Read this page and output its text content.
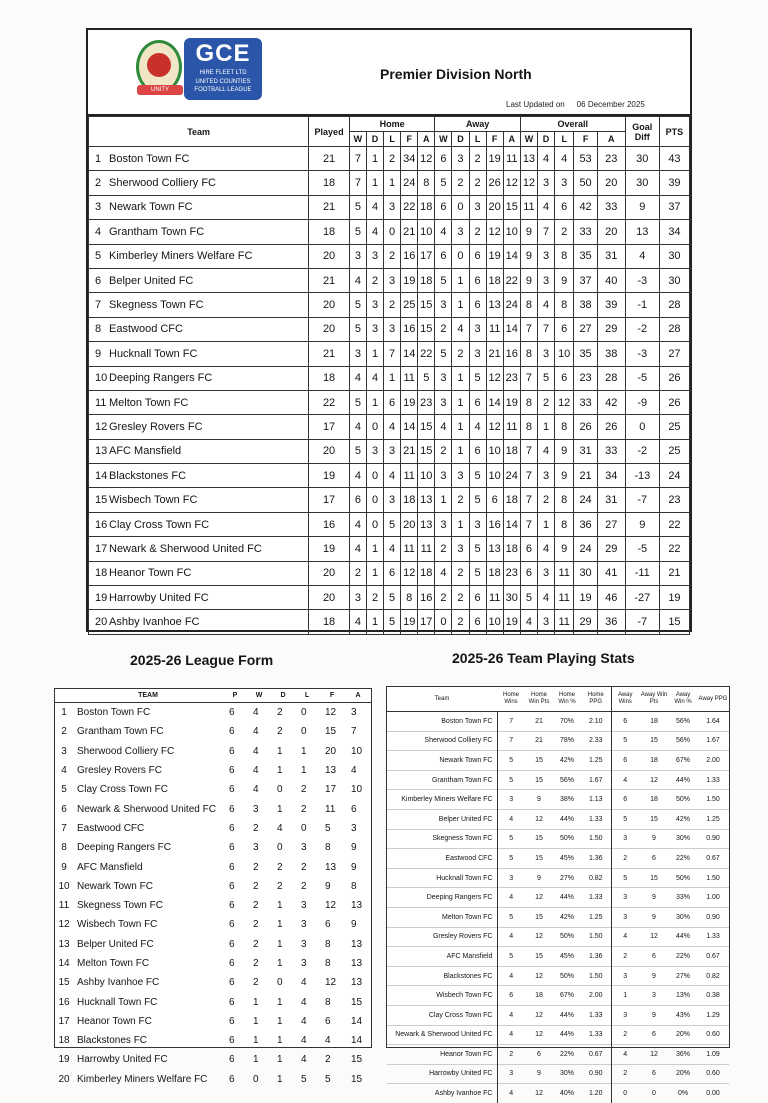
UNITY
GCE
HIRE FLEET LTD
UNITED COUNTIES
FOOTBALL LEAGUE
Premier Division North
Last Updated on 06 December 2025
Team	Played	Home					Away					Overall					Goal Diff	PTS
		W	D	L	F	A	W	D	L	F	A	W	D	L	F	A		
1 Boston Town FC	21	7	1	2	34	12	6	3	2	19	11	13	4	4	53	23	30	43
2 Sherwood Colliery FC	18	7	1	1	24	8	5	2	2	26	12	12	3	3	50	20	30	39
3 Newark Town FC	21	5	4	3	22	18	6	0	3	20	15	11	4	6	42	33	9	37
4 Grantham Town FC	18	5	4	0	21	10	4	3	2	12	10	9	7	2	33	20	13	34
5 Kimberley Miners Welfare FC	20	3	3	2	16	17	6	0	6	19	14	9	3	8	35	31	4	30
6 Belper United FC	21	4	2	3	19	18	5	1	6	18	22	9	3	9	37	40	-3	30
7 Skegness Town FC	20	5	3	2	25	15	3	1	6	13	24	8	4	8	38	39	-1	28
8 Eastwood CFC	20	5	3	3	16	15	2	4	3	11	14	7	7	6	27	29	-2	28
9 Hucknall Town FC	21	3	1	7	14	22	5	2	3	21	16	8	3	10	35	38	-3	27
10 Deeping Rangers FC	18	4	4	1	11	5	3	1	5	12	23	7	5	6	23	28	-5	26
11 Melton Town FC	22	5	1	6	19	23	3	1	6	14	19	8	2	12	33	42	-9	26
12 Gresley Rovers FC	17	4	0	4	14	15	4	1	4	12	11	8	1	8	26	26	0	25
13 AFC Mansfield	20	5	3	3	21	15	2	1	6	10	18	7	4	9	31	33	-2	25
14 Blackstones FC	19	4	0	4	11	10	3	3	5	10	24	7	3	9	21	34	-13	24
15 Wisbech Town FC	17	6	0	3	18	13	1	2	5	6	18	7	2	8	24	31	-7	23
16 Clay Cross Town FC	16	4	0	5	20	13	3	1	3	16	14	7	1	8	36	27	9	22
17 Newark & Sherwood United FC	19	4	1	4	11	11	2	3	5	13	18	6	4	9	24	29	-5	22
18 Heanor Town FC	20	2	1	6	12	18	4	2	5	18	23	6	3	11	30	41	-11	21
19 Harrowby United FC	20	3	2	5	8	16	2	2	6	11	30	5	4	11	19	46	-27	19
20 Ashby Ivanhoe FC	18	4	1	5	19	17	0	2	6	10	19	4	3	11	29	36	-7	15
2025-26 League Form	2025-26 Team Playing Stats
	TEAM	P	W	D	L	F	A
1	Boston Town FC	6	4	2	0	12	3
2	Grantham Town FC	6	4	2	0	15	7
3	Sherwood Colliery FC	6	4	1	1	20	10
4	Gresley Rovers FC	6	4	1	1	13	4
5	Clay Cross Town FC	6	4	0	2	17	10
6	Newark & Sherwood United FC	6	3	1	2	11	6
7	Eastwood CFC	6	2	4	0	5	3
8	Deeping Rangers FC	6	3	0	3	8	9
9	AFC Mansfield	6	2	2	2	13	9
10	Newark Town FC	6	2	2	2	9	8
11	Skegness Town FC	6	2	1	3	12	13
12	Wisbech Town FC	6	2	1	3	6	9
13	Belper United FC	6	2	1	3	8	13
14	Melton Town FC	6	2	1	3	8	13
15	Ashby Ivanhoe FC	6	2	0	4	12	13
16	Hucknall Town FC	6	1	1	4	8	15
17	Heanor Town FC	6	1	1	4	6	14
18	Blackstones FC	6	1	1	4	4	14
19	Harrowby United FC	6	1	1	4	2	15
20	Kimberley Miners Welfare FC	6	0	1	5	5	15
Team	Home Wins	Home Win Pts	Home Win %	Home PPG	Away Wins	Away Win Pts	Away Win %	Away PPG
Boston Town FC	7	21	70%	2.10	6	18	56%	1.64
Sherwood Colliery FC	7	21	78%	2.33	5	15	56%	1.67
Newark Town FC	5	15	42%	1.25	6	18	67%	2.00
Grantham Town FC	5	15	56%	1.67	4	12	44%	1.33
Kimberley Miners Welfare FC	3	9	38%	1.13	6	18	50%	1.50
Belper United FC	4	12	44%	1.33	5	15	42%	1.25
Skegness Town FC	5	15	50%	1.50	3	9	30%	0.90
Eastwood CFC	5	15	45%	1.36	2	6	22%	0.67
Hucknall Town FC	3	9	27%	0.82	5	15	50%	1.50
Deeping Rangers FC	4	12	44%	1.33	3	9	33%	1.00
Melton Town FC	5	15	42%	1.25	3	9	30%	0.90
Gresley Rovers FC	4	12	50%	1.50	4	12	44%	1.33
AFC Mansfield	5	15	45%	1.36	2	6	22%	0.67
Blackstones FC	4	12	50%	1.50	3	9	27%	0.82
Wisbech Town FC	6	18	67%	2.00	1	3	13%	0.38
Clay Cross Town FC	4	12	44%	1.33	3	9	43%	1.29
Newark & Sherwood United FC	4	12	44%	1.33	2	6	20%	0.60
Heanor Town FC	2	6	22%	0.67	4	12	36%	1.09
Harrowby United FC	3	9	30%	0.90	2	6	20%	0.60
Ashby Ivanhoe FC	4	12	40%	1.20	0	0	0%	0.00
